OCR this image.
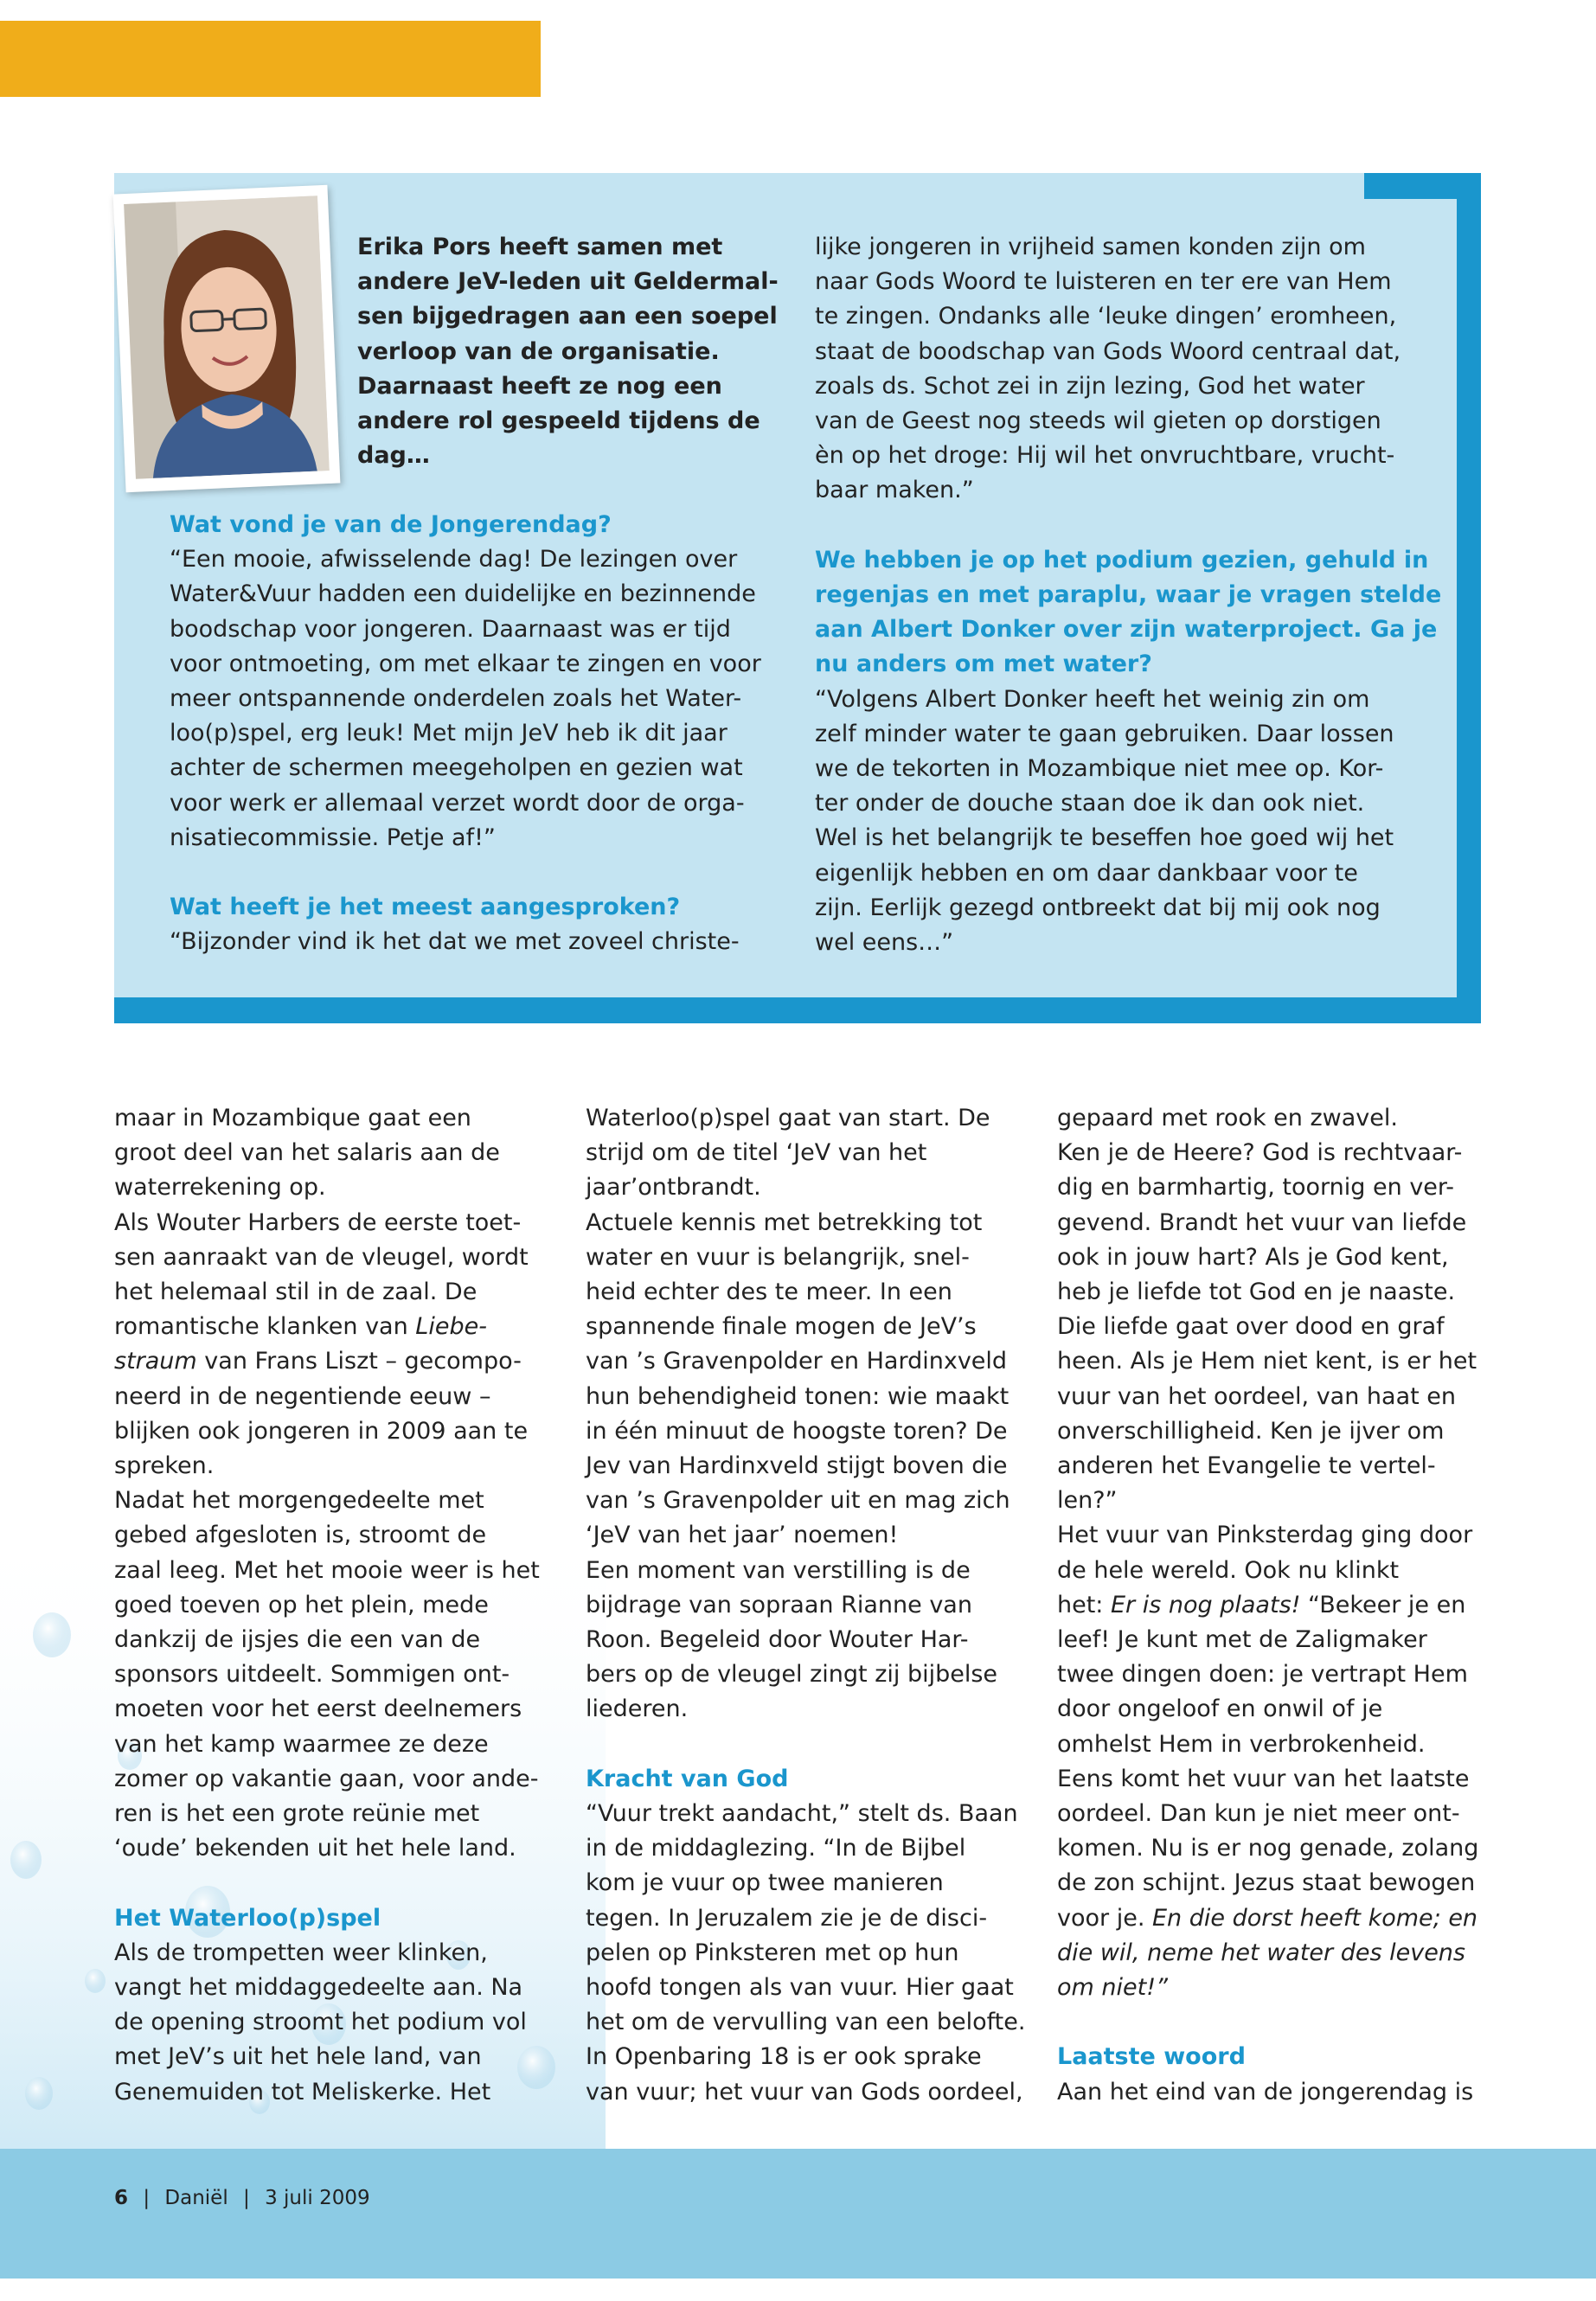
Erika Pors heeft samen met

andere JeV-leden uit Geldermal-

sen bijgedragen aan een soepel

verloop van de organisatie.

Daarnaast heeft ze nog een

andere rol gespeeld tijdens de

dag…

Wat vond je van de Jongerendag?

“Een mooie, afwisselende dag! De lezingen over

Water&Vuur hadden een duidelijke en bezinnende

boodschap voor jongeren. Daarnaast was er tijd

voor ontmoeting, om met elkaar te zingen en voor

meer ontspannende onderdelen zoals het Water-

loo(p)spel, erg leuk! Met mijn JeV heb ik dit jaar

achter de schermen meegeholpen en gezien wat

voor werk er allemaal verzet wordt door de orga-

nisatiecommissie. Petje af!”

Wat heeft je het meest aangesproken?

“Bijzonder vind ik het dat we met zoveel christe-

lijke jongeren in vrijheid samen konden zijn om

naar Gods Woord te luisteren en ter ere van Hem

te zingen. Ondanks alle ‘leuke dingen’ eromheen,

staat de boodschap van Gods Woord centraal dat,

zoals ds. Schot zei in zijn lezing, God het water

van de Geest nog steeds wil gieten op dorstigen

èn op het droge: Hij wil het onvruchtbare, vrucht-

baar maken.”

We hebben je op het podium gezien, gehuld in

regenjas en met paraplu, waar je vragen stelde

aan Albert Donker over zijn waterproject. Ga je

nu anders om met water?

“Volgens Albert Donker heeft het weinig zin om

zelf minder water te gaan gebruiken. Daar lossen

we de tekorten in Mozambique niet mee op. Kor-

ter onder de douche staan doe ik dan ook niet.

Wel is het belangrijk te beseffen hoe goed wij het

eigenlijk hebben en om daar dankbaar voor te

zijn. Eerlijk gezegd ontbreekt dat bij mij ook nog

wel eens…”

maar in Mozambique gaat een

groot deel van het salaris aan de

waterrekening op.

Als Wouter Harbers de eerste toet-

sen aanraakt van de vleugel, wordt

het helemaal stil in de zaal. De

romantische klanken van Liebe-

straum van Frans Liszt – gecompo-

neerd in de negentiende eeuw –

blijken ook jongeren in 2009 aan te

spreken.

Nadat het morgengedeelte met

gebed afgesloten is, stroomt de

zaal leeg. Met het mooie weer is het

goed toeven op het plein, mede

dankzij de ijsjes die een van de

sponsors uitdeelt. Sommigen ont-

moeten voor het eerst deelnemers

van het kamp waarmee ze deze

zomer op vakantie gaan, voor ande-

ren is het een grote reünie met

‘oude’ bekenden uit het hele land.

Het Waterloo(p)spel

Als de trompetten weer klinken,

vangt het middaggedeelte aan. Na

de opening stroomt het podium vol

met JeV’s uit het hele land, van

Genemuiden tot Meliskerke. Het

Waterloo(p)spel gaat van start. De

strijd om de titel ‘JeV van het

jaar’ontbrandt.

Actuele kennis met betrekking tot

water en vuur is belangrijk, snel-

heid echter des te meer. In een

spannende finale mogen de JeV’s

van ’s Gravenpolder en Hardinxveld

hun behendigheid tonen: wie maakt

in één minuut de hoogste toren? De

Jev van Hardinxveld stijgt boven die

van ’s Gravenpolder uit en mag zich

‘JeV van het jaar’ noemen!

Een moment van verstilling is de

bijdrage van sopraan Rianne van

Roon. Begeleid door Wouter Har-

bers op de vleugel zingt zij bijbelse

liederen.

Kracht van God

“Vuur trekt aandacht,” stelt ds. Baan

in de middaglezing. “In de Bijbel

kom je vuur op twee manieren

tegen. In Jeruzalem zie je de disci-

pelen op Pinksteren met op hun

hoofd tongen als van vuur. Hier gaat

het om de vervulling van een belofte.

In Openbaring 18 is er ook sprake

van vuur; het vuur van Gods oordeel,

gepaard met rook en zwavel.

Ken je de Heere? God is rechtvaar-

dig en barmhartig, toornig en ver-

gevend. Brandt het vuur van liefde

ook in jouw hart? Als je God kent,

heb je liefde tot God en je naaste.

Die liefde gaat over dood en graf

heen. Als je Hem niet kent, is er het

vuur van het oordeel, van haat en

onverschilligheid. Ken je ijver om

anderen het Evangelie te vertel-

len?”

Het vuur van Pinksterdag ging door

de hele wereld. Ook nu klinkt

het: Er is nog plaats! “Bekeer je en

leef! Je kunt met de Zaligmaker

twee dingen doen: je vertrapt Hem

door ongeloof en onwil of je

omhelst Hem in verbrokenheid.

Eens komt het vuur van het laatste

oordeel. Dan kun je niet meer ont-

komen. Nu is er nog genade, zolang

de zon schijnt. Jezus staat bewogen

voor je. En die dorst heeft kome; en

die wil, neme het water des levens

om niet!”

Laatste woord

Aan het eind van de jongerendag is

6 | Daniël | 3 juli 2009
